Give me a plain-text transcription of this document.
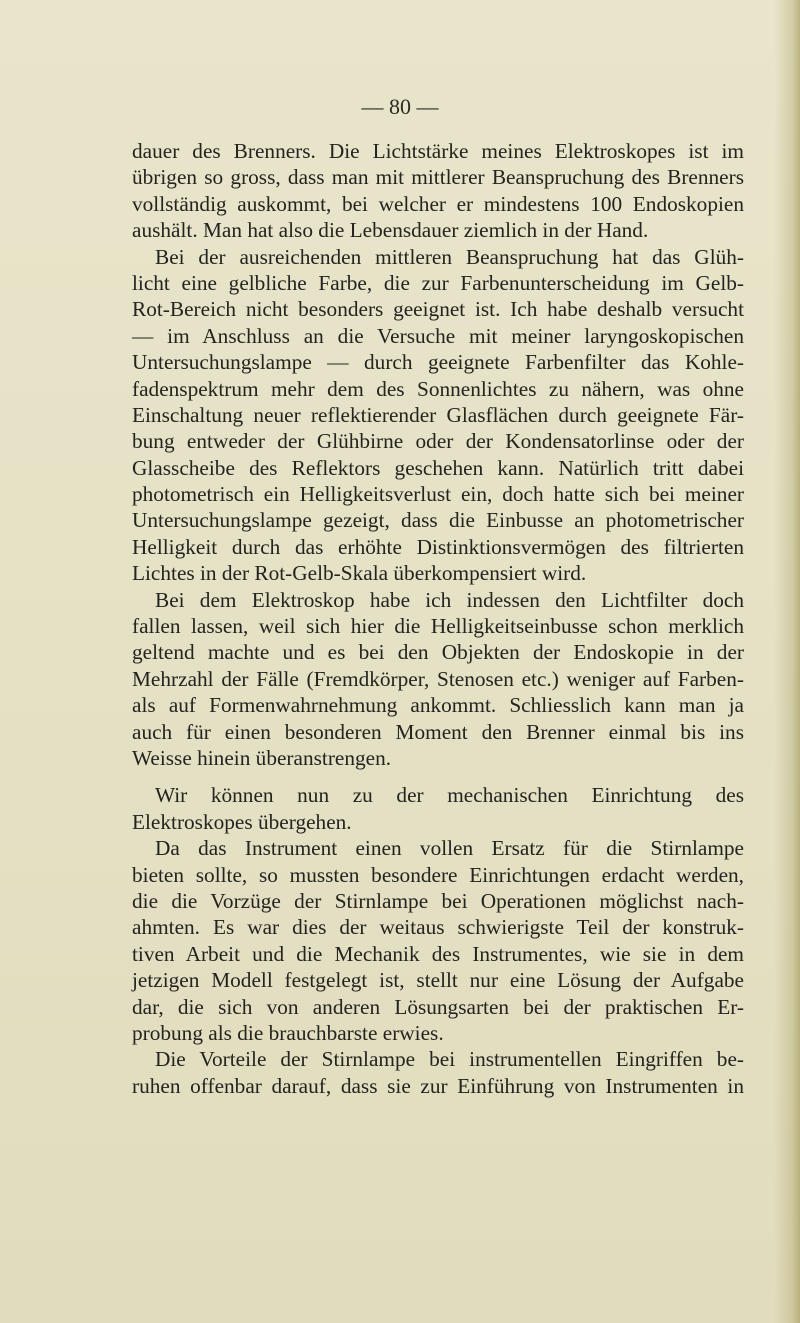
— 80 —
dauer des Brenners. Die Lichtstärke meines Elektroskopes ist im
übrigen so gross, dass man mit mittlerer Beanspruchung des Brenners
vollständig auskommt, bei welcher er mindestens 100 Endoskopien
aushält. Man hat also die Lebensdauer ziemlich in der Hand.
Bei der ausreichenden mittleren Beanspruchung hat das Glüh-
licht eine gelbliche Farbe, die zur Farbenunterscheidung im Gelb-
Rot-Bereich nicht besonders geeignet ist. Ich habe deshalb versucht
— im Anschluss an die Versuche mit meiner laryngoskopischen
Untersuchungslampe — durch geeignete Farbenfilter das Kohle-
fadenspektrum mehr dem des Sonnenlichtes zu nähern, was ohne
Einschaltung neuer reflektierender Glasflächen durch geeignete Fär-
bung entweder der Glühbirne oder der Kondensatorlinse oder der
Glasscheibe des Reflektors geschehen kann. Natürlich tritt dabei
photometrisch ein Helligkeitsverlust ein, doch hatte sich bei meiner
Untersuchungslampe gezeigt, dass die Einbusse an photometrischer
Helligkeit durch das erhöhte Distinktionsvermögen des filtrierten
Lichtes in der Rot-Gelb-Skala überkompensiert wird.
Bei dem Elektroskop habe ich indessen den Lichtfilter doch
fallen lassen, weil sich hier die Helligkeitseinbusse schon merklich
geltend machte und es bei den Objekten der Endoskopie in der
Mehrzahl der Fälle (Fremdkörper, Stenosen etc.) weniger auf Farben-
als auf Formenwahrnehmung ankommt. Schliesslich kann man ja
auch für einen besonderen Moment den Brenner einmal bis ins
Weisse hinein überanstrengen.
Wir können nun zu der mechanischen Einrichtung des
Elektroskopes übergehen.
Da das Instrument einen vollen Ersatz für die Stirnlampe
bieten sollte, so mussten besondere Einrichtungen erdacht werden,
die die Vorzüge der Stirnlampe bei Operationen möglichst nach-
ahmten. Es war dies der weitaus schwierigste Teil der konstruk-
tiven Arbeit und die Mechanik des Instrumentes, wie sie in dem
jetzigen Modell festgelegt ist, stellt nur eine Lösung der Aufgabe
dar, die sich von anderen Lösungsarten bei der praktischen Er-
probung als die brauchbarste erwies.
Die Vorteile der Stirnlampe bei instrumentellen Eingriffen be-
ruhen offenbar darauf, dass sie zur Einführung von Instrumenten in
